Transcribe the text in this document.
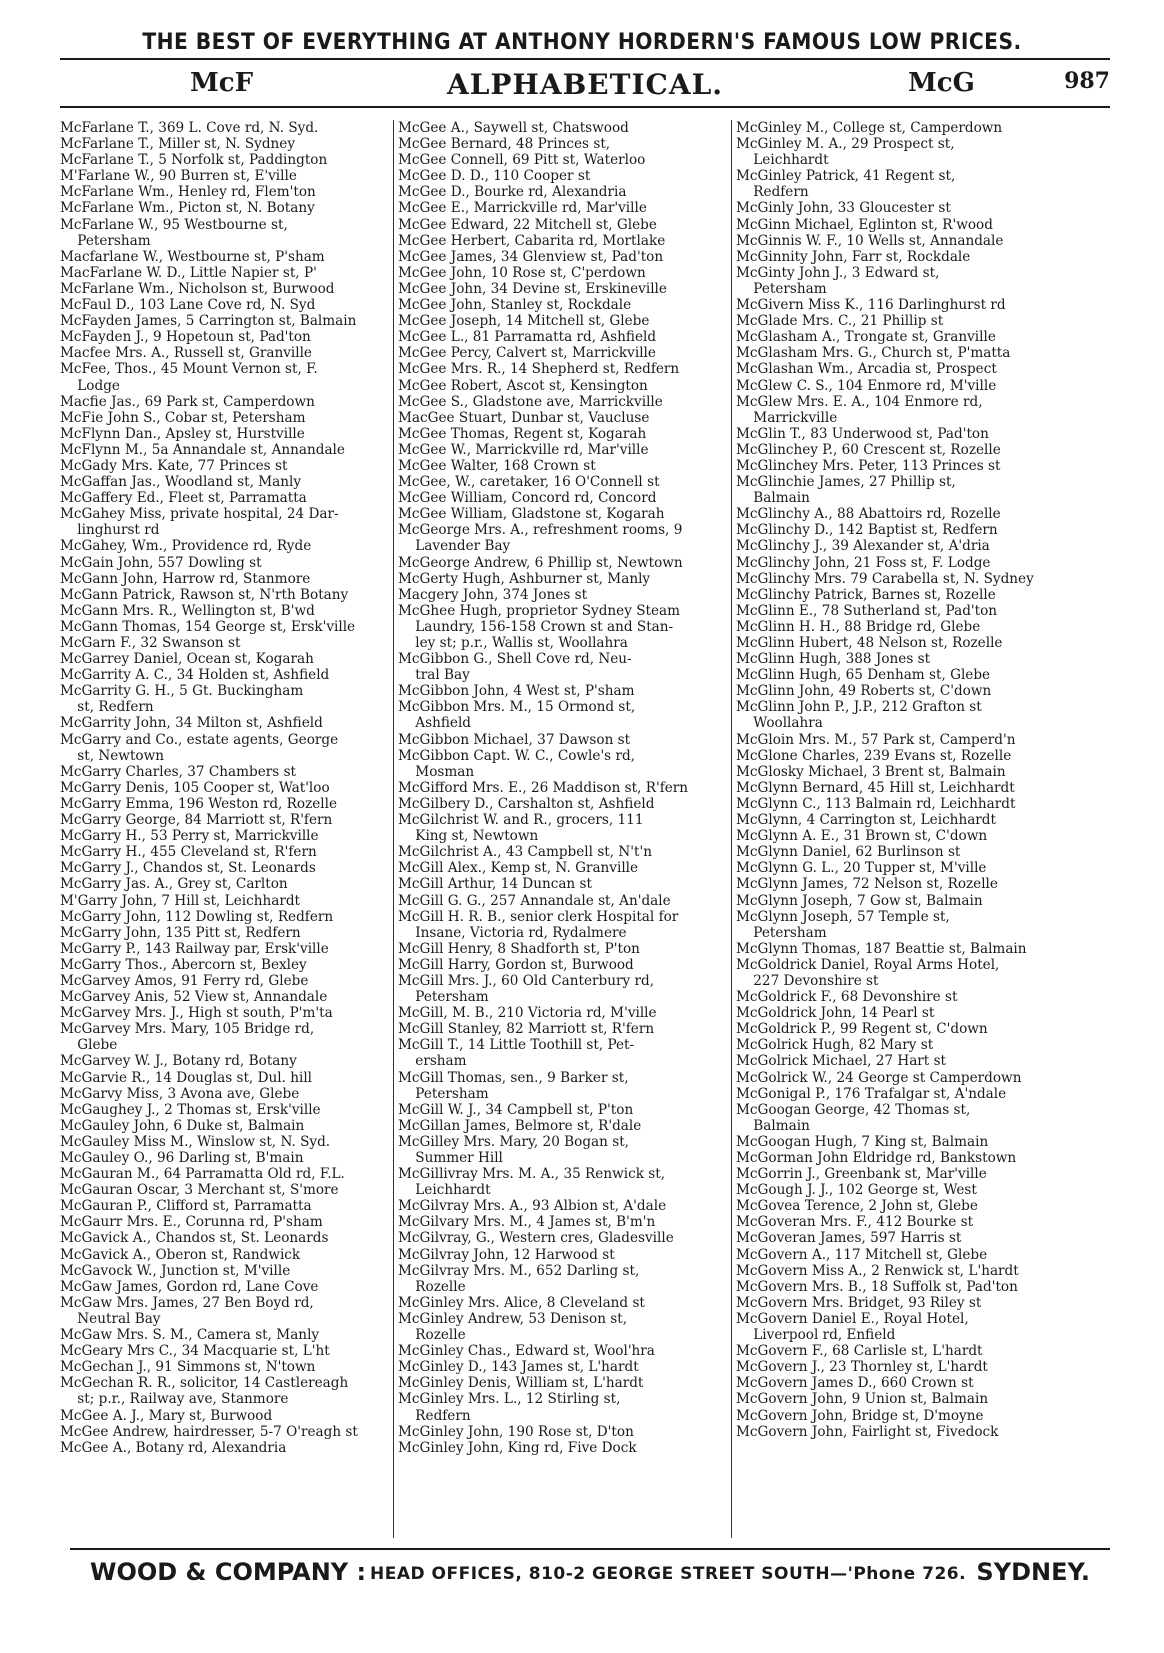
THE BEST OF EVERYTHING AT ANTHONY HORDERN'S FAMOUS LOW PRICES.
McF	ALPHABETICAL.	McG	987
McFarlane T., 369 L. Cove rd, N. Syd.
McFarlane T., Miller st, N. Sydney
McFarlane T., 5 Norfolk st, Paddington
M'Farlane W., 90 Burren st, E'ville
McFarlane Wm., Henley rd, Flem'ton
McFarlane Wm., Picton st, N. Botany
McFarlane W., 95 Westbourne st,
Petersham
Macfarlane W., Westbourne st, P'sham
MacFarlane W. D., Little Napier st, P'
McFarlane Wm., Nicholson st, Burwood
McFaul D., 103 Lane Cove rd, N. Syd
McFayden James, 5 Carrington st, Balmain
McFayden J., 9 Hopetoun st, Pad'ton
Macfee Mrs. A., Russell st, Granville
McFee, Thos., 45 Mount Vernon st, F.
Lodge
Macfie Jas., 69 Park st, Camperdown
McFie John S., Cobar st, Petersham
McFlynn Dan., Apsley st, Hurstville
McFlynn M., 5a Annandale st, Annandale
McGady Mrs. Kate, 77 Princes st
McGaffan Jas., Woodland st, Manly
McGaffery Ed., Fleet st, Parramatta
McGahey Miss, private hospital, 24 Dar-
linghurst rd
McGahey, Wm., Providence rd, Ryde
McGain John, 557 Dowling st
McGann John, Harrow rd, Stanmore
McGann Patrick, Rawson st, N'rth Botany
McGann Mrs. R., Wellington st, B'wd
McGann Thomas, 154 George st, Ersk'ville
McGarn F., 32 Swanson st
McGarrey Daniel, Ocean st, Kogarah
McGarrity A. C., 34 Holden st, Ashfield
McGarrity G. H., 5 Gt. Buckingham
st, Redfern
McGarrity John, 34 Milton st, Ashfield
McGarry and Co., estate agents, George
st, Newtown
McGarry Charles, 37 Chambers st
McGarry Denis, 105 Cooper st, Wat'loo
McGarry Emma, 196 Weston rd, Rozelle
McGarry George, 84 Marriott st, R'fern
McGarry H., 53 Perry st, Marrickville
McGarry H., 455 Cleveland st, R'fern
McGarry J., Chandos st, St. Leonards
McGarry Jas. A., Grey st, Carlton
M'Garry John, 7 Hill st, Leichhardt
McGarry John, 112 Dowling st, Redfern
McGarry John, 135 Pitt st, Redfern
McGarry P., 143 Railway par, Ersk'ville
McGarry Thos., Abercorn st, Bexley
McGarvey Amos, 91 Ferry rd, Glebe
McGarvey Anis, 52 View st, Annandale
McGarvey Mrs. J., High st south, P'm'ta
McGarvey Mrs. Mary, 105 Bridge rd,
Glebe
McGarvey W. J., Botany rd, Botany
McGarvie R., 14 Douglas st, Dul. hill
McGarvy Miss, 3 Avona ave, Glebe
McGaughey J., 2 Thomas st, Ersk'ville
McGauley John, 6 Duke st, Balmain
McGauley Miss M., Winslow st, N. Syd.
McGauley O., 96 Darling st, B'main
McGauran M., 64 Parramatta Old rd, F.L.
McGauran Oscar, 3 Merchant st, S'more
McGauran P., Clifford st, Parramatta
McGaurr Mrs. E., Corunna rd, P'sham
McGavick A., Chandos st, St. Leonards
McGavick A., Oberon st, Randwick
McGavock W., Junction st, M'ville
McGaw James, Gordon rd, Lane Cove
McGaw Mrs. James, 27 Ben Boyd rd,
Neutral Bay
McGaw Mrs. S. M., Camera st, Manly
McGeary Mrs C., 34 Macquarie st, L'ht
McGechan J., 91 Simmons st, N'town
McGechan R. R., solicitor, 14 Castlereagh
st; p.r., Railway ave, Stanmore
McGee A. J., Mary st, Burwood
McGee Andrew, hairdresser, 5-7 O'reagh st
McGee A., Botany rd, Alexandria
McGee A., Saywell st, Chatswood
McGee Bernard, 48 Princes st,
McGee Connell, 69 Pitt st, Waterloo
McGee D. D., 110 Cooper st
McGee D., Bourke rd, Alexandria
McGee E., Marrickville rd, Mar'ville
McGee Edward, 22 Mitchell st, Glebe
McGee Herbert, Cabarita rd, Mortlake
McGee James, 34 Glenview st, Pad'ton
McGee John, 10 Rose st, C'perdown
McGee John, 34 Devine st, Erskineville
McGee John, Stanley st, Rockdale
McGee Joseph, 14 Mitchell st, Glebe
McGee L., 81 Parramatta rd, Ashfield
McGee Percy, Calvert st, Marrickville
McGee Mrs. R., 14 Shepherd st, Redfern
McGee Robert, Ascot st, Kensington
McGee S., Gladstone ave, Marrickville
MacGee Stuart, Dunbar st, Vaucluse
McGee Thomas, Regent st, Kogarah
McGee W., Marrickville rd, Mar'ville
McGee Walter, 168 Crown st
McGee, W., caretaker, 16 O'Connell st
McGee William, Concord rd, Concord
McGee William, Gladstone st, Kogarah
McGeorge Mrs. A., refreshment rooms, 9
Lavender Bay
McGeorge Andrew, 6 Phillip st, Newtown
McGerty Hugh, Ashburner st, Manly
Macgery John, 374 Jones st
McGhee Hugh, proprietor Sydney Steam
Laundry, 156-158 Crown st and Stan-
ley st; p.r., Wallis st, Woollahra
McGibbon G., Shell Cove rd, Neu-
tral Bay
McGibbon John, 4 West st, P'sham
McGibbon Mrs. M., 15 Ormond st,
Ashfield
McGibbon Michael, 37 Dawson st
McGibbon Capt. W. C., Cowle's rd,
Mosman
McGifford Mrs. E., 26 Maddison st, R'fern
McGilbery D., Carshalton st, Ashfield
McGilchrist W. and R., grocers, 111
King st, Newtown
McGilchrist A., 43 Campbell st, N't'n
McGill Alex., Kemp st, N. Granville
McGill Arthur, 14 Duncan st
McGill G. G., 257 Annandale st, An'dale
McGill H. R. B., senior clerk Hospital for
Insane, Victoria rd, Rydalmere
McGill Henry, 8 Shadforth st, P'ton
McGill Harry, Gordon st, Burwood
McGill Mrs. J., 60 Old Canterbury rd,
Petersham
McGill, M. B., 210 Victoria rd, M'ville
McGill Stanley, 82 Marriott st, R'fern
McGill T., 14 Little Toothill st, Pet-
ersham
McGill Thomas, sen., 9 Barker st,
Petersham
McGill W. J., 34 Campbell st, P'ton
McGillan James, Belmore st, R'dale
McGilley Mrs. Mary, 20 Bogan st,
Summer Hill
McGillivray Mrs. M. A., 35 Renwick st,
Leichhardt
McGilvray Mrs. A., 93 Albion st, A'dale
McGilvary Mrs. M., 4 James st, B'm'n
McGilvray, G., Western cres, Gladesville
McGilvray John, 12 Harwood st
McGilvray Mrs. M., 652 Darling st,
Rozelle
McGinley Mrs. Alice, 8 Cleveland st
McGinley Andrew, 53 Denison st,
Rozelle
McGinley Chas., Edward st, Wool'hra
McGinley D., 143 James st, L'hardt
McGinley Denis, William st, L'hardt
McGinley Mrs. L., 12 Stirling st,
Redfern
McGinley John, 190 Rose st, D'ton
McGinley John, King rd, Five Dock
McGinley M., College st, Camperdown
McGinley M. A., 29 Prospect st,
Leichhardt
McGinley Patrick, 41 Regent st,
Redfern
McGinly John, 33 Gloucester st
McGinn Michael, Eglinton st, R'wood
McGinnis W. F., 10 Wells st, Annandale
McGinnity John, Farr st, Rockdale
McGinty John J., 3 Edward st,
Petersham
McGivern Miss K., 116 Darlinghurst rd
McGlade Mrs. C., 21 Phillip st
McGlasham A., Trongate st, Granville
McGlasham Mrs. G., Church st, P'matta
McGlashan Wm., Arcadia st, Prospect
McGlew C. S., 104 Enmore rd, M'ville
McGlew Mrs. E. A., 104 Enmore rd,
Marrickville
McGlin T., 83 Underwood st, Pad'ton
McGlinchey P., 60 Crescent st, Rozelle
McGlinchey Mrs. Peter, 113 Princes st
McGlinchie James, 27 Phillip st,
Balmain
McGlinchy A., 88 Abattoirs rd, Rozelle
McGlinchy D., 142 Baptist st, Redfern
McGlinchy J., 39 Alexander st, A'dria
McGlinchy John, 21 Foss st, F. Lodge
McGlinchy Mrs. 79 Carabella st, N. Sydney
McGlinchy Patrick, Barnes st, Rozelle
McGlinn E., 78 Sutherland st, Pad'ton
McGlinn H. H., 88 Bridge rd, Glebe
McGlinn Hubert, 48 Nelson st, Rozelle
McGlinn Hugh, 388 Jones st
McGlinn Hugh, 65 Denham st, Glebe
McGlinn John, 49 Roberts st, C'down
McGlinn John P., J.P., 212 Grafton st
Woollahra
McGloin Mrs. M., 57 Park st, Camperd'n
McGlone Charles, 239 Evans st, Rozelle
McGlosky Michael, 3 Brent st, Balmain
McGlynn Bernard, 45 Hill st, Leichhardt
McGlynn C., 113 Balmain rd, Leichhardt
McGlynn, 4 Carrington st, Leichhardt
McGlynn A. E., 31 Brown st, C'down
McGlynn Daniel, 62 Burlinson st
McGlynn G. L., 20 Tupper st, M'ville
McGlynn James, 72 Nelson st, Rozelle
McGlynn Joseph, 7 Gow st, Balmain
McGlynn Joseph, 57 Temple st,
Petersham
McGlynn Thomas, 187 Beattie st, Balmain
McGoldrick Daniel, Royal Arms Hotel,
227 Devonshire st
McGoldrick F., 68 Devonshire st
McGoldrick John, 14 Pearl st
McGoldrick P., 99 Regent st, C'down
McGolrick Hugh, 82 Mary st
McGolrick Michael, 27 Hart st
McGolrick W., 24 George st Camperdown
McGonigal P., 176 Trafalgar st, A'ndale
McGoogan George, 42 Thomas st,
Balmain
McGoogan Hugh, 7 King st, Balmain
McGorman John Eldridge rd, Bankstown
McGorrin J., Greenbank st, Mar'ville
McGough J. J., 102 George st, West
McGovea Terence, 2 John st, Glebe
McGoveran Mrs. F., 412 Bourke st
McGoveran James, 597 Harris st
McGovern A., 117 Mitchell st, Glebe
McGovern Miss A., 2 Renwick st, L'hardt
McGovern Mrs. B., 18 Suffolk st, Pad'ton
McGovern Mrs. Bridget, 93 Riley st
McGovern Daniel E., Royal Hotel,
Liverpool rd, Enfield
McGovern F., 68 Carlisle st, L'hardt
McGovern J., 23 Thornley st, L'hardt
McGovern James D., 660 Crown st
McGovern John, 9 Union st, Balmain
McGovern John, Bridge st, D'moyne
McGovern John, Fairlight st, Fivedock
WOOD & COMPANY : HEAD OFFICES, 810-2 GEORGE STREET SOUTH—'Phone 726. SYDNEY.
